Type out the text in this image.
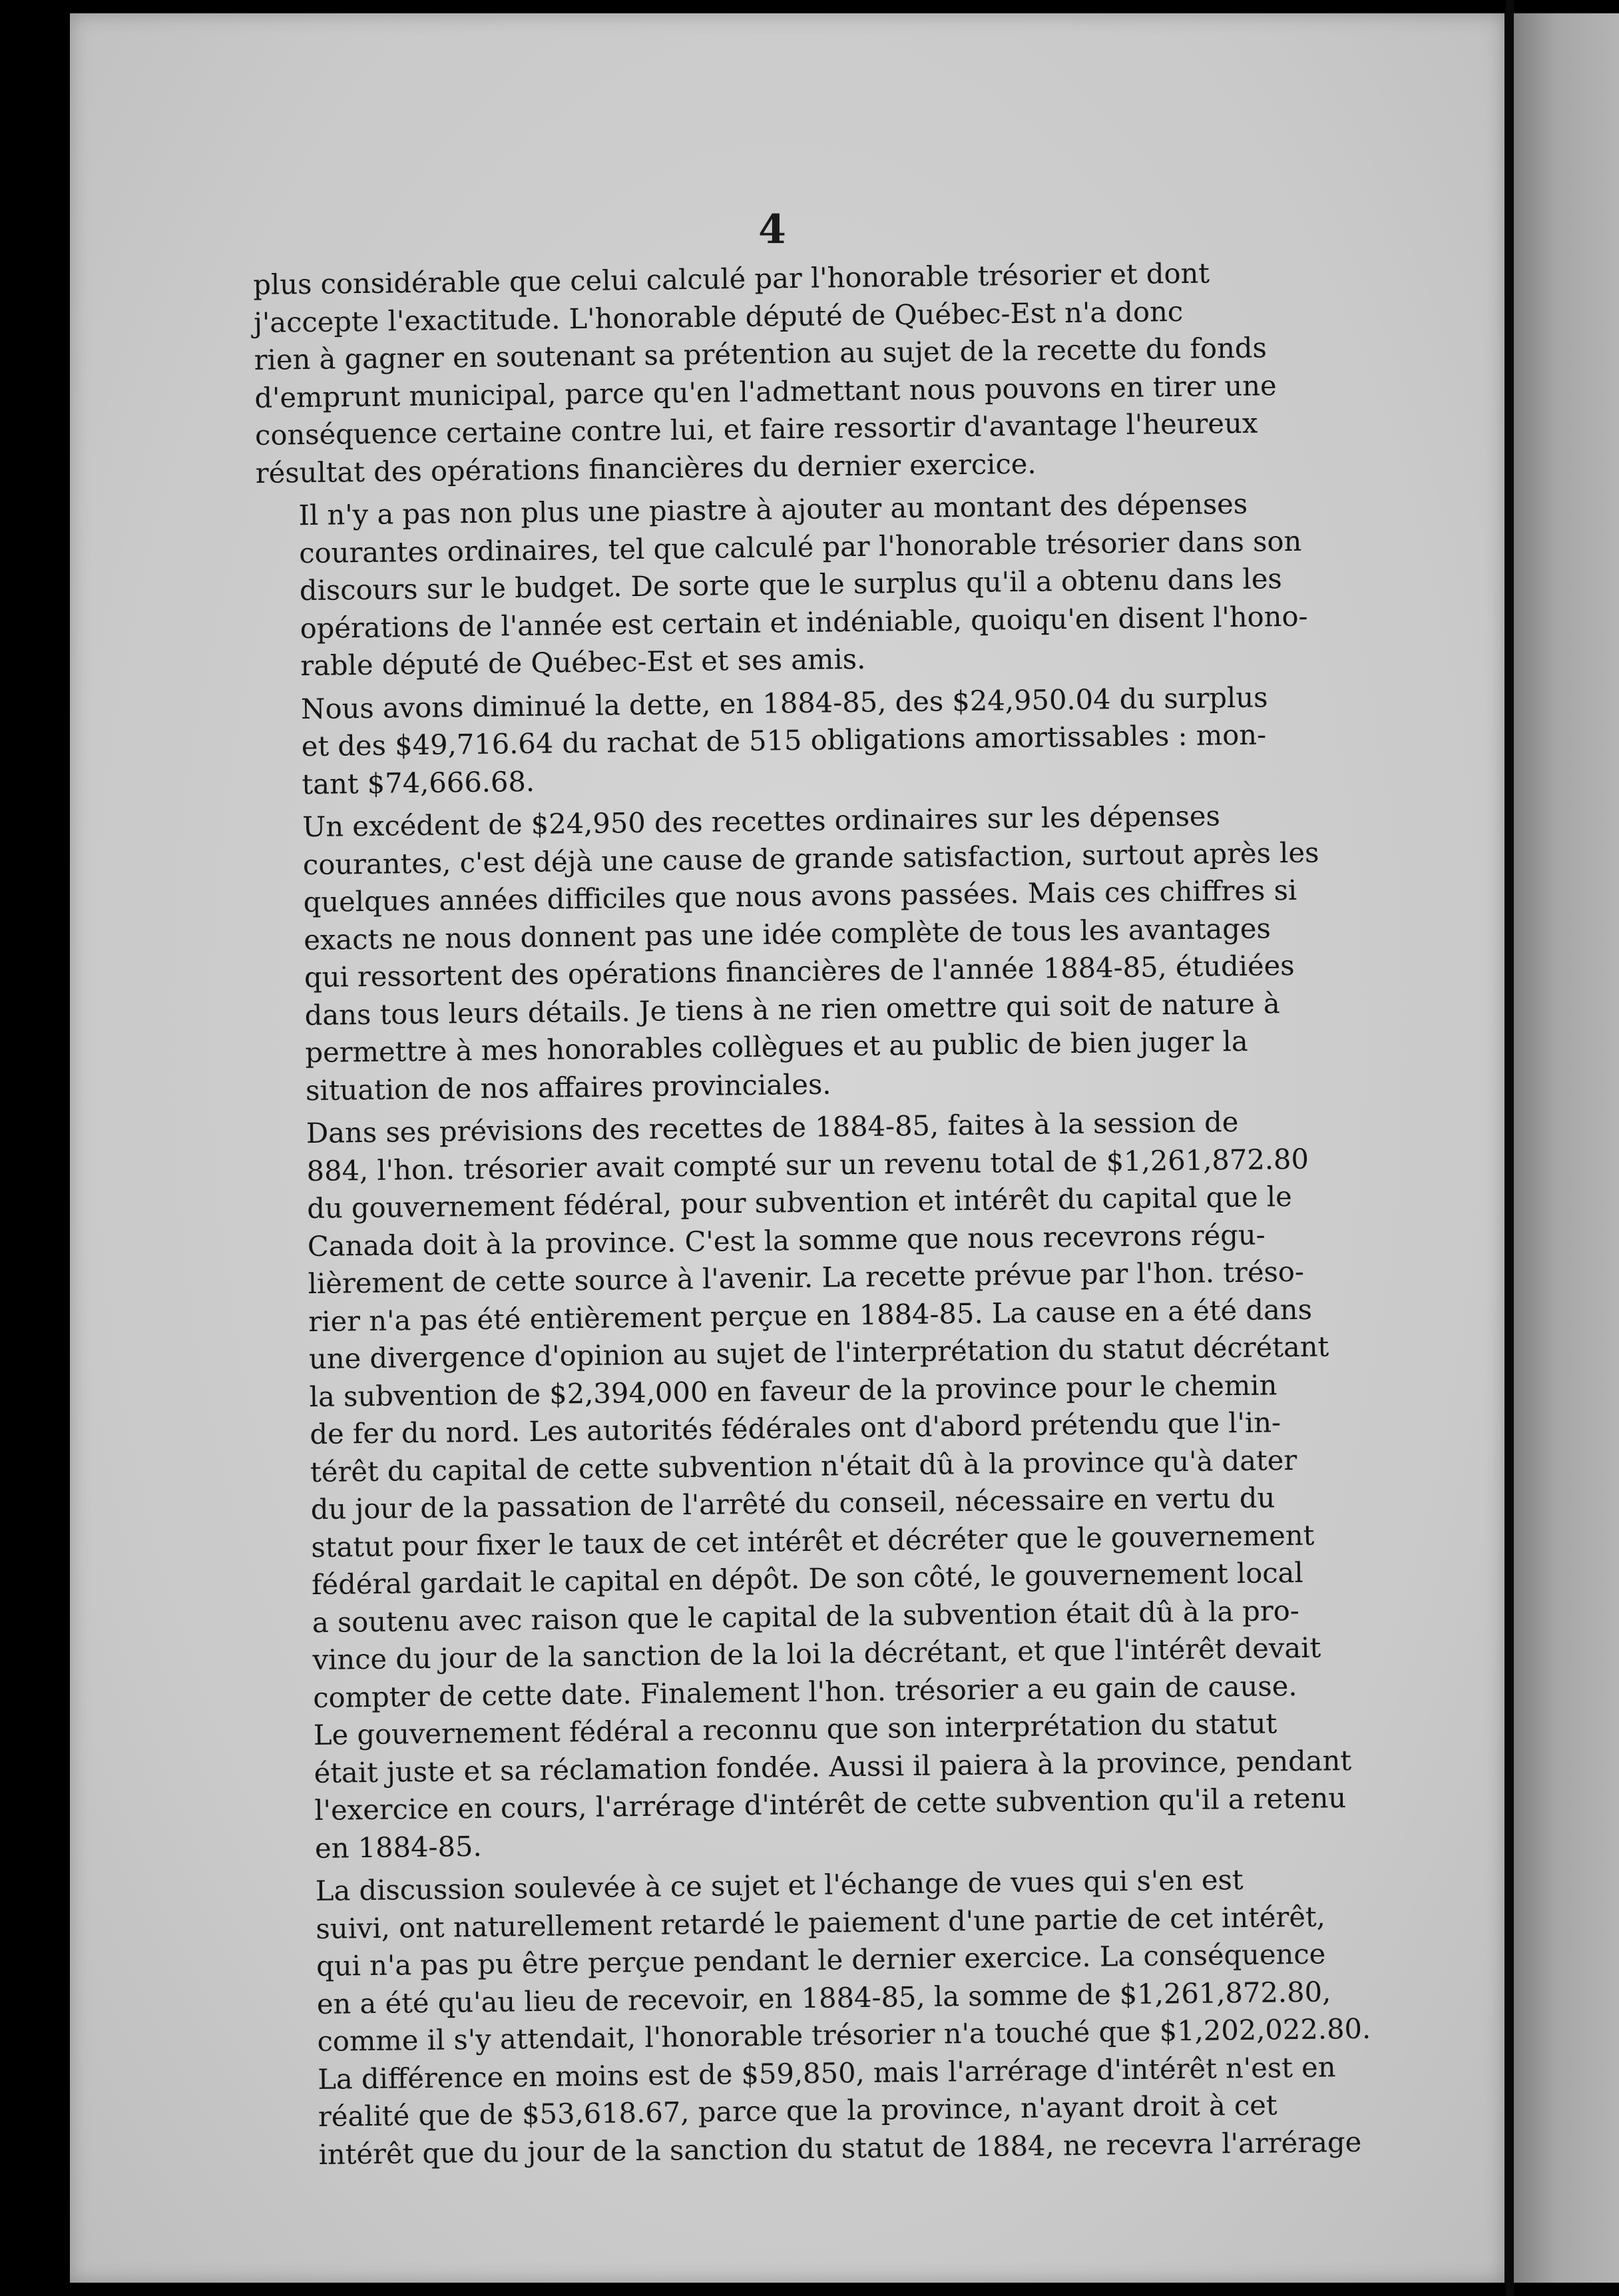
4
plus considérable que celui calculé par l'honorable trésorier et dont
j'accepte l'exactitude. L'honorable député de Québec-Est n'a donc
rien à gagner en soutenant sa prétention au sujet de la recette du fonds
d'emprunt municipal, parce qu'en l'admettant nous pouvons en tirer une
conséquence certaine contre lui, et faire ressortir d'avantage l'heureux
résultat des opérations financières du dernier exercice.
Il n'y a pas non plus une piastre à ajouter au montant des dépenses
courantes ordinaires, tel que calculé par l'honorable trésorier dans son
discours sur le budget. De sorte que le surplus qu'il a obtenu dans les
opérations de l'année est certain et indéniable, quoiqu'en disent l'hono-
rable député de Québec-Est et ses amis.
Nous avons diminué la dette, en 1884-85, des $24,950.04 du surplus
et des $49,716.64 du rachat de 515 obligations amortissables : mon-
tant $74,666.68.
Un excédent de $24,950 des recettes ordinaires sur les dépenses
courantes, c'est déjà une cause de grande satisfaction, surtout après les
quelques années difficiles que nous avons passées. Mais ces chiffres si
exacts ne nous donnent pas une idée complète de tous les avantages
qui ressortent des opérations financières de l'année 1884-85, étudiées
dans tous leurs détails. Je tiens à ne rien omettre qui soit de nature à
permettre à mes honorables collègues et au public de bien juger la
situation de nos affaires provinciales.
Dans ses prévisions des recettes de 1884-85, faites à la session de
884, l'hon. trésorier avait compté sur un revenu total de $1,261,872.80
du gouvernement fédéral, pour subvention et intérêt du capital que le
Canada doit à la province. C'est la somme que nous recevrons régu-
lièrement de cette source à l'avenir. La recette prévue par l'hon. tréso-
rier n'a pas été entièrement perçue en 1884-85. La cause en a été dans
une divergence d'opinion au sujet de l'interprétation du statut décrétant
la subvention de $2,394,000 en faveur de la province pour le chemin
de fer du nord. Les autorités fédérales ont d'abord prétendu que l'in-
térêt du capital de cette subvention n'était dû à la province qu'à dater
du jour de la passation de l'arrêté du conseil, nécessaire en vertu du
statut pour fixer le taux de cet intérêt et décréter que le gouvernement
fédéral gardait le capital en dépôt. De son côté, le gouvernement local
a soutenu avec raison que le capital de la subvention était dû à la pro-
vince du jour de la sanction de la loi la décrétant, et que l'intérêt devait
compter de cette date. Finalement l'hon. trésorier a eu gain de cause.
Le gouvernement fédéral a reconnu que son interprétation du statut
était juste et sa réclamation fondée. Aussi il paiera à la province, pendant
l'exercice en cours, l'arrérage d'intérêt de cette subvention qu'il a retenu
en 1884-85.
La discussion soulevée à ce sujet et l'échange de vues qui s'en est
suivi, ont naturellement retardé le paiement d'une partie de cet intérêt,
qui n'a pas pu être perçue pendant le dernier exercice. La conséquence
en a été qu'au lieu de recevoir, en 1884-85, la somme de $1,261,872.80,
comme il s'y attendait, l'honorable trésorier n'a touché que $1,202,022.80.
La différence en moins est de $59,850, mais l'arrérage d'intérêt n'est en
réalité que de $53,618.67, parce que la province, n'ayant droit à cet
intérêt que du jour de la sanction du statut de 1884, ne recevra l'arrérage
